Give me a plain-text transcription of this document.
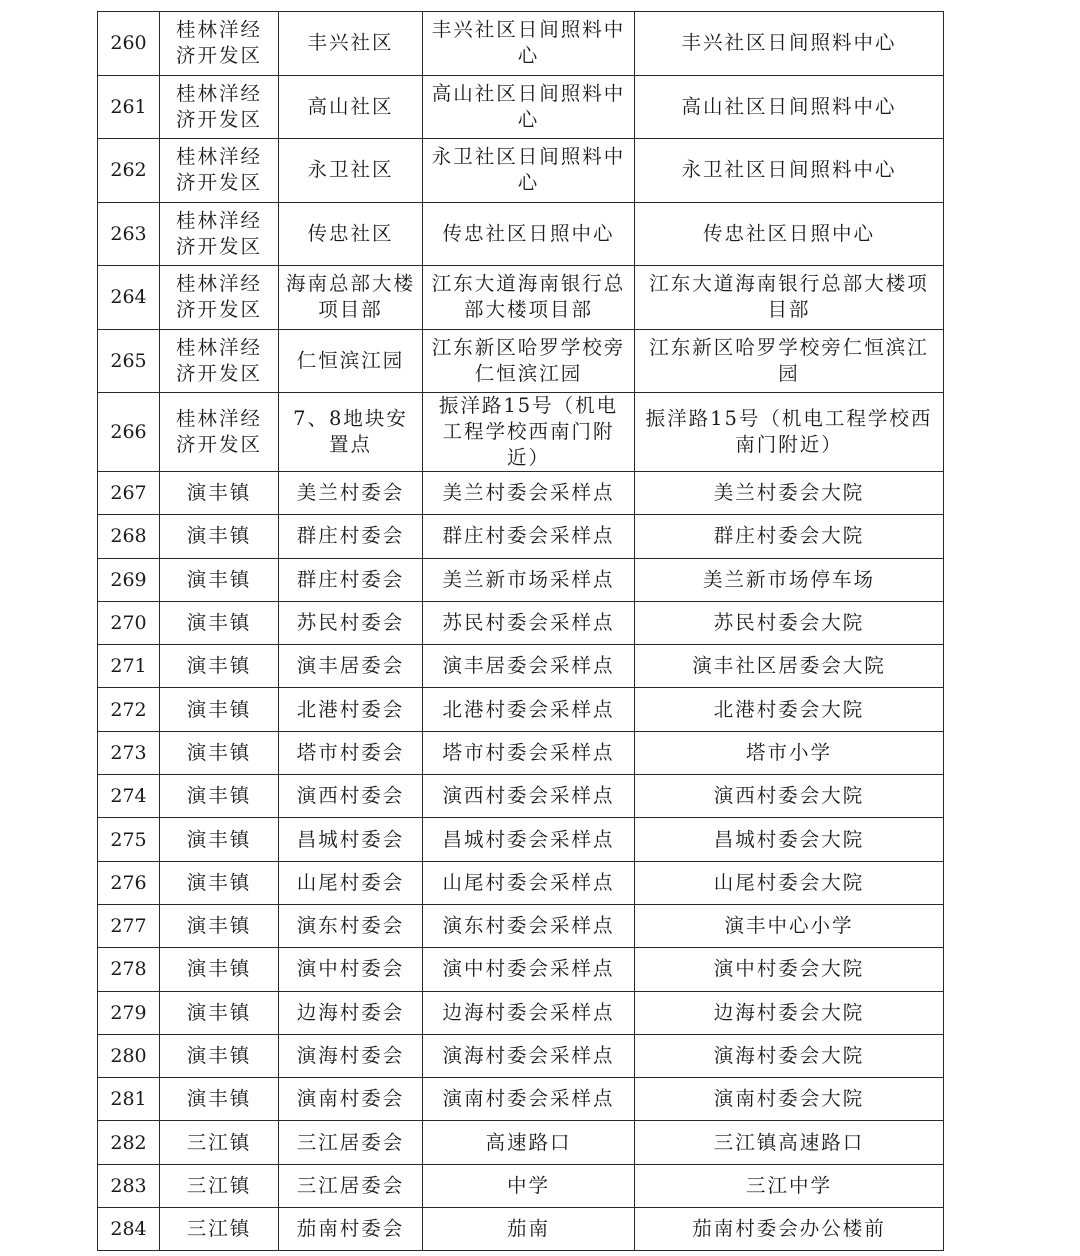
260	桂林洋经济开发区	丰兴社区	丰兴社区日间照料中心	丰兴社区日间照料中心
261	桂林洋经济开发区	高山社区	高山社区日间照料中心	高山社区日间照料中心
262	桂林洋经济开发区	永卫社区	永卫社区日间照料中心	永卫社区日间照料中心
263	桂林洋经济开发区	传忠社区	传忠社区日照中心	传忠社区日照中心
264	桂林洋经济开发区	海南总部大楼项目部	江东大道海南银行总部大楼项目部	江东大道海南银行总部大楼项目部
265	桂林洋经济开发区	仁恒滨江园	江东新区哈罗学校旁仁恒滨江园	江东新区哈罗学校旁仁恒滨江园
266	桂林洋经济开发区	7、8地块安置点	振洋路15号（机电工程学校西南门附近）	振洋路15号（机电工程学校西南门附近）
267	演丰镇	美兰村委会	美兰村委会采样点	美兰村委会大院
268	演丰镇	群庄村委会	群庄村委会采样点	群庄村委会大院
269	演丰镇	群庄村委会	美兰新市场采样点	美兰新市场停车场
270	演丰镇	苏民村委会	苏民村委会采样点	苏民村委会大院
271	演丰镇	演丰居委会	演丰居委会采样点	演丰社区居委会大院
272	演丰镇	北港村委会	北港村委会采样点	北港村委会大院
273	演丰镇	塔市村委会	塔市村委会采样点	塔市小学
274	演丰镇	演西村委会	演西村委会采样点	演西村委会大院
275	演丰镇	昌城村委会	昌城村委会采样点	昌城村委会大院
276	演丰镇	山尾村委会	山尾村委会采样点	山尾村委会大院
277	演丰镇	演东村委会	演东村委会采样点	演丰中心小学
278	演丰镇	演中村委会	演中村委会采样点	演中村委会大院
279	演丰镇	边海村委会	边海村委会采样点	边海村委会大院
280	演丰镇	演海村委会	演海村委会采样点	演海村委会大院
281	演丰镇	演南村委会	演南村委会采样点	演南村委会大院
282	三江镇	三江居委会	高速路口	三江镇高速路口
283	三江镇	三江居委会	中学	三江中学
284	三江镇	茄南村委会	茄南	茄南村委会办公楼前
